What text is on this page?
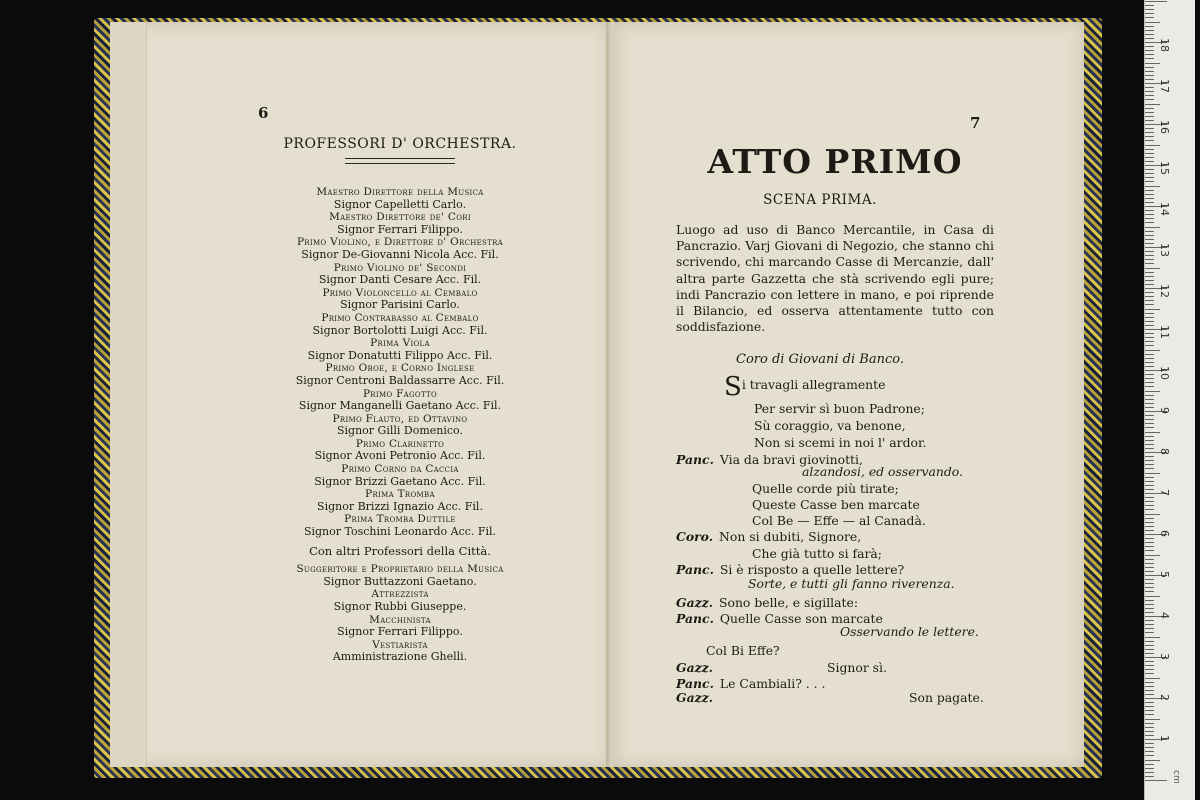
6
PROFESSORI D' ORCHESTRA.
Maestro Direttore della Musica
Signor Capelletti Carlo.
Maestro Direttore de' Cori
Signor Ferrari Filippo.
Primo Violino, e Direttore d' Orchestra
Signor De-Giovanni Nicola Acc. Fil.
Primo Violino de' Secondi
Signor Danti Cesare Acc. Fil.
Primo Violoncello al Cembalo
Signor Parisini Carlo.
Primo Contrabasso al Cembalo
Signor Bortolotti Luigi Acc. Fil.
Prima Viola
Signor Donatutti Filippo Acc. Fil.
Primo Oboe, e Corno Inglese
Signor Centroni Baldassarre Acc. Fil.
Primo Fagotto
Signor Manganelli Gaetano Acc. Fil.
Primo Flauto, ed Ottavino
Signor Gilli Domenico.
Primo Clarinetto
Signor Avoni Petronio Acc. Fil.
Primo Corno da Caccia
Signor Brizzi Gaetano Acc. Fil.
Prima Tromba
Signor Brizzi Ignazio Acc. Fil.
Prima Tromba Duttile
Signor Toschini Leonardo Acc. Fil.
Con altri Professori della Città.
Suggeritore e Proprietario della Musica
Signor Buttazzoni Gaetano.
Attrezzista
Signor Rubbi Giuseppe.
Macchinista
Signor Ferrari Filippo.
Vestiarista
Amministrazione Ghelli.
7
ATTO PRIMO
SCENA PRIMA.
Luogo ad uso di Banco Mercantile, in Casa di Pancrazio. Varj Giovani di Negozio, che stanno chi scrivendo, chi marcando Casse di Mercanzie, dall' altra parte Gazzetta che stà scrivendo egli pure; indi Pancrazio con lettere in mano, e poi riprende il Bilancio, ed osserva attentamente tutto con soddisfazione.
Coro di Giovani di Banco.
Si travagli allegramente
Per servir sì buon Padrone;
Sù coraggio, va benone,
Non si scemi in noi l' ardor.
Panc. Via da bravi giovinotti,
alzandosi, ed osservando.
Quelle corde più tirate;
Queste Casse ben marcate
Col Be — Effe — al Canadà.
Coro. Non si dubiti, Signore,
Che già tutto si farà;
Panc. Si è risposto a quelle lettere?
Sorte, e tutti gli fanno riverenza.
Gazz. Sono belle, e sigillate:
Panc. Quelle Casse son marcate
Osservando le lettere.
Col Bi Effe?
Gazz.	Signor sì.
Panc. Le Cambiali? . . .
Gazz.	Son pagate.
1
2
3
4
5
6
7
8
9
10
11
12
13
14
15
16
17
18
cm
